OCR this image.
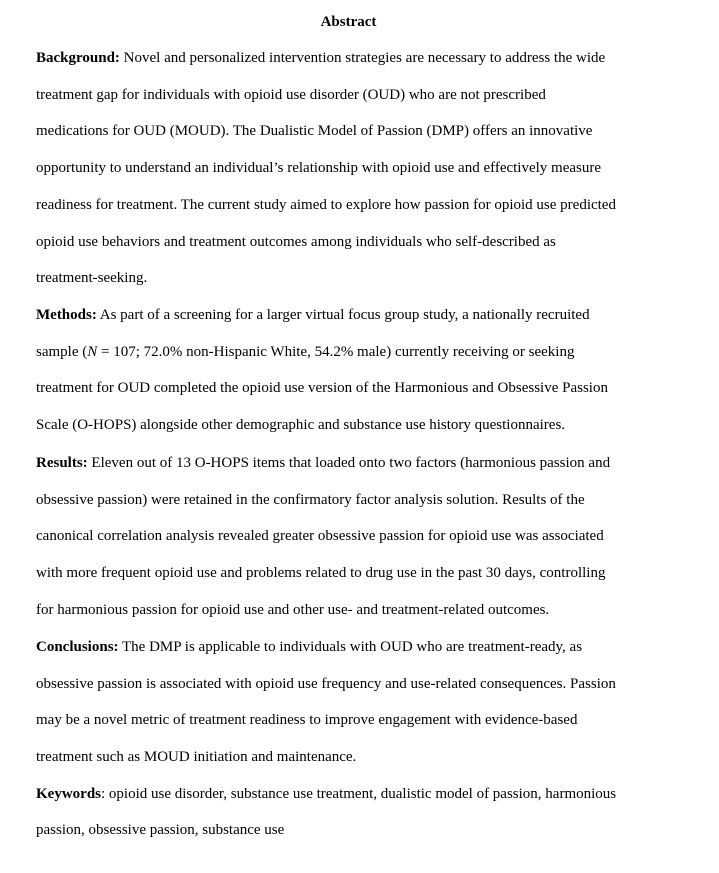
Abstract
Background: Novel and personalized intervention strategies are necessary to address the wide
treatment gap for individuals with opioid use disorder (OUD) who are not prescribed
medications for OUD (MOUD). The Dualistic Model of Passion (DMP) offers an innovative
opportunity to understand an individual’s relationship with opioid use and effectively measure
readiness for treatment. The current study aimed to explore how passion for opioid use predicted
opioid use behaviors and treatment outcomes among individuals who self-described as
treatment-seeking.
Methods: As part of a screening for a larger virtual focus group study, a nationally recruited
sample (N = 107; 72.0% non-Hispanic White, 54.2% male) currently receiving or seeking
treatment for OUD completed the opioid use version of the Harmonious and Obsessive Passion
Scale (O-HOPS) alongside other demographic and substance use history questionnaires.
Results: Eleven out of 13 O-HOPS items that loaded onto two factors (harmonious passion and
obsessive passion) were retained in the confirmatory factor analysis solution. Results of the
canonical correlation analysis revealed greater obsessive passion for opioid use was associated
with more frequent opioid use and problems related to drug use in the past 30 days, controlling
for harmonious passion for opioid use and other use- and treatment-related outcomes.
Conclusions: The DMP is applicable to individuals with OUD who are treatment-ready, as
obsessive passion is associated with opioid use frequency and use-related consequences. Passion
may be a novel metric of treatment readiness to improve engagement with evidence-based
treatment such as MOUD initiation and maintenance.
Keywords: opioid use disorder, substance use treatment, dualistic model of passion, harmonious
passion, obsessive passion, substance use
